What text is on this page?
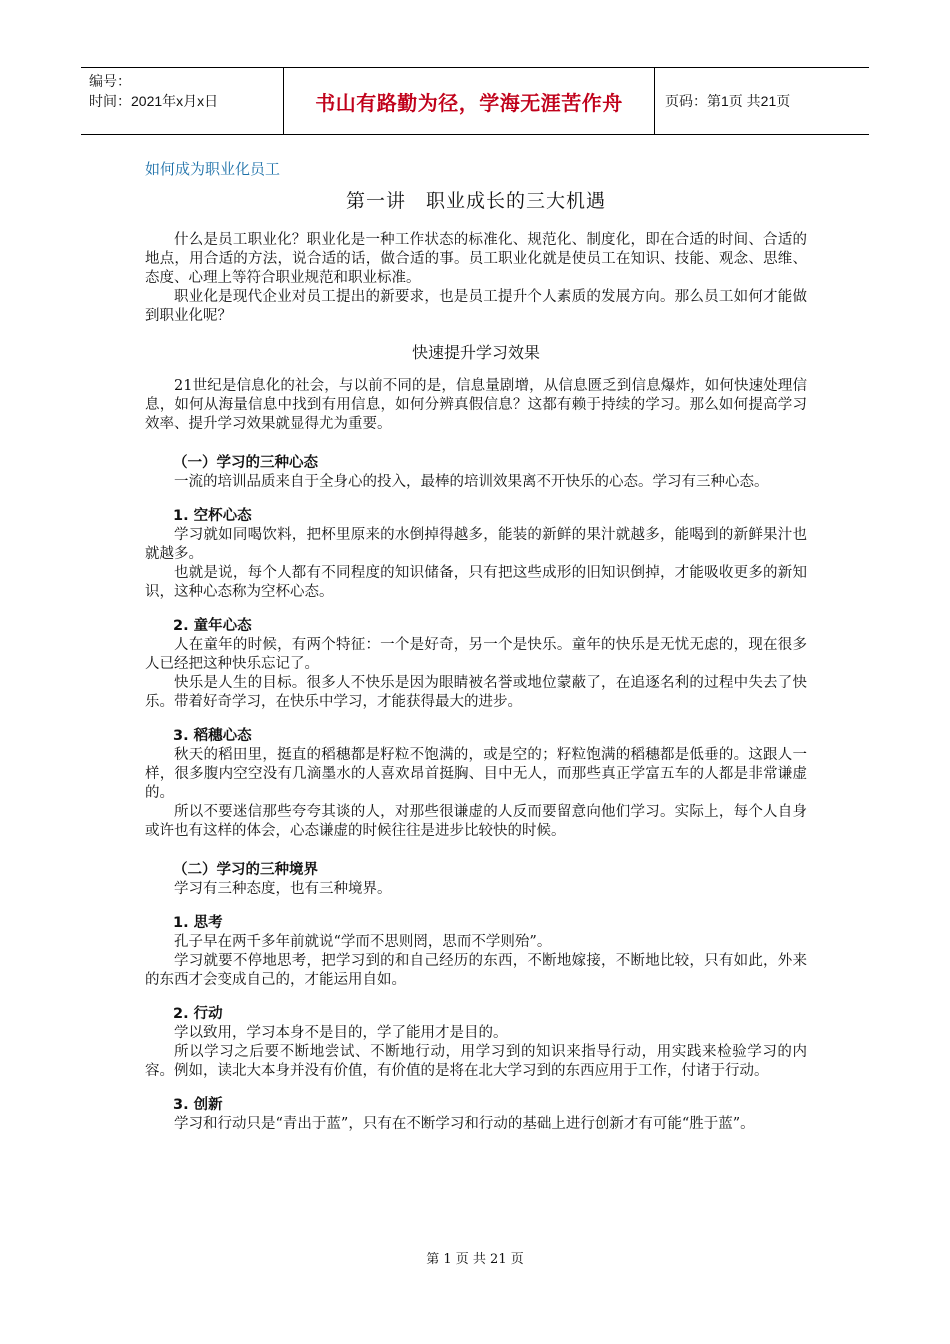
编号：
时间：2021年x月x日	书山有路勤为径，学海无涯苦作舟	页码：第1页 共21页
如何成为职业化员工
第一讲　职业成长的三大机遇

什么是员工职业化？职业化是一种工作状态的标准化、规范化、制度化，即在合适的时间、合适的地点，用合适的方法，说合适的话，做合适的事。员工职业化就是使员工在知识、技能、观念、思维、态度、心理上等符合职业规范和职业标准。

职业化是现代企业对员工提出的新要求，也是员工提升个人素质的发展方向。那么员工如何才能做到职业化呢？

快速提升学习效果

21世纪是信息化的社会，与以前不同的是，信息量剧增，从信息匮乏到信息爆炸，如何快速处理信息，如何从海量信息中找到有用信息，如何分辨真假信息？这都有赖于持续的学习。那么如何提高学习效率、提升学习效果就显得尤为重要。

（一）学习的三种心态

一流的培训品质来自于全身心的投入，最棒的培训效果离不开快乐的心态。学习有三种心态。

1. 空杯心态

学习就如同喝饮料，把杯里原来的水倒掉得越多，能装的新鲜的果汁就越多，能喝到的新鲜果汁也就越多。

也就是说，每个人都有不同程度的知识储备，只有把这些成形的旧知识倒掉，才能吸收更多的新知识，这种心态称为空杯心态。

2. 童年心态

人在童年的时候，有两个特征：一个是好奇，另一个是快乐。童年的快乐是无忧无虑的，现在很多人已经把这种快乐忘记了。

快乐是人生的目标。很多人不快乐是因为眼睛被名誉或地位蒙蔽了，在追逐名利的过程中失去了快乐。带着好奇学习，在快乐中学习，才能获得最大的进步。

3. 稻穗心态

秋天的稻田里，挺直的稻穗都是籽粒不饱满的，或是空的；籽粒饱满的稻穗都是低垂的。这跟人一样，很多腹内空空没有几滴墨水的人喜欢昂首挺胸、目中无人，而那些真正学富五车的人都是非常谦虚的。

所以不要迷信那些夸夸其谈的人，对那些很谦虚的人反而要留意向他们学习。实际上，每个人自身或许也有这样的体会，心态谦虚的时候往往是进步比较快的时候。

（二）学习的三种境界

学习有三种态度，也有三种境界。

1. 思考

孔子早在两千多年前就说“学而不思则罔，思而不学则殆”。

学习就要不停地思考，把学习到的和自己经历的东西，不断地嫁接，不断地比较，只有如此，外来的东西才会变成自己的，才能运用自如。

2. 行动

学以致用，学习本身不是目的，学了能用才是目的。

所以学习之后要不断地尝试、不断地行动，用学习到的知识来指导行动，用实践来检验学习的内容。例如，读北大本身并没有价值，有价值的是将在北大学习到的东西应用于工作，付诸于行动。

3. 创新

学习和行动只是“青出于蓝”，只有在不断学习和行动的基础上进行创新才有可能“胜于蓝”。

第 1 页 共 21 页
